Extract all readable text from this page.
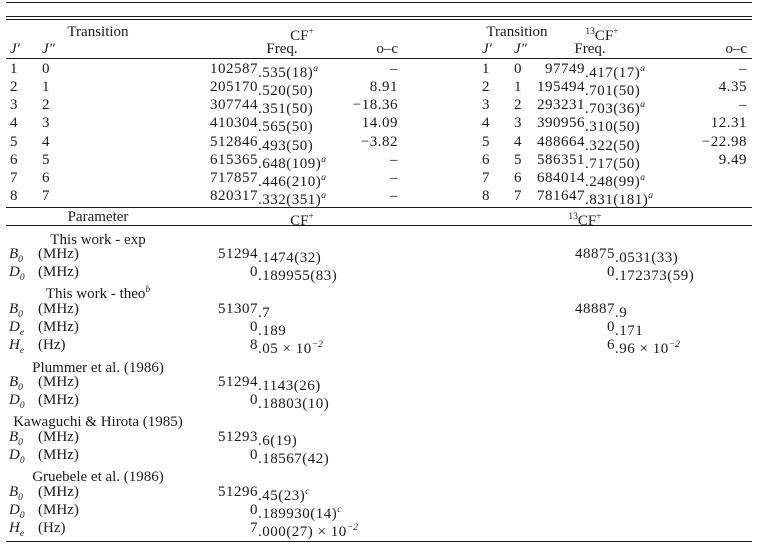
Transition	CF+	Transition	$^{13}$CF+
J′ J″	Freq.	o–c	J′ J″	Freq.	o–c
1 0	102587 $.535(18)^a$	–	1 0	97749 $.417(17)^a$	–
2 1	205170 .520(50)	8.91	2 1	195494 .701(50)	4.35
3 2	307744 .351(50)	−18.36	3 2	293231 $.703(36)^a$	–
4 3	410304 .565(50)	14.09	4 3	390956 .310(50)	12.31
5 4	512846 .493(50)	−3.82	5 4	488664 .322(50)	−22.98
6 5	615365 $.648(109)^a$	–	6 5	586351 .717(50)	9.49
7 6	717857 $.446(210)^a$	–	7 6	684014 $.248(99)^a$
8 7	820317 $.332(351)^a$	–	8 7	781647 $.831(181)^a$
Parameter	CF+	$^{13}$CF+
This work - exp
$B_0$ (MHz)	51294 .1474(32)	48875 .0531(33)
$D_0$ (MHz)	0 .189955(83)	0 .172373(59)
This work - theo$^b$
$B_0$ (MHz)	51307 .7	48887 .9
$D_e$ (MHz)	0 .189	0 .171
$H_e$ (Hz)	8 $.05 \times 10^{-2}$	6 $.96 \times 10^{-2}$
Plummer et al. (1986)
$B_0$ (MHz)	51294 .1143(26)
$D_0$ (MHz)	0 .18803(10)
Kawaguchi & Hirota (1985)
$B_0$ (MHz)	51293 .6(19)
$D_0$ (MHz)	0 .18567(42)
Gruebele et al. (1986)
$B_0$ (MHz)	51296 $.45(23)^c$
$D_0$ (MHz)	0 $.189930(14)^c$
$H_e$ (Hz)	7 $.000(27) \times 10^{-2}$
